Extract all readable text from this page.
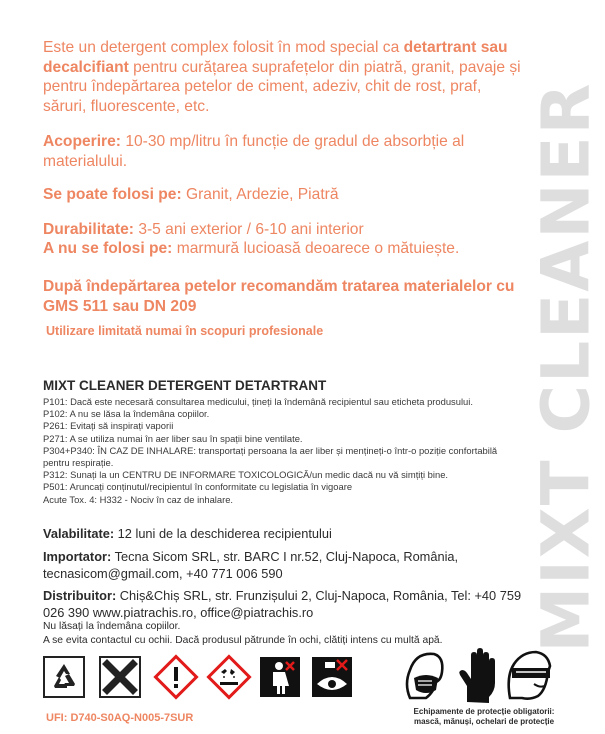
MIXT CLEANER

Este un detergent complex folosit în mod special ca detartrant sau decalcifiant pentru curățarea suprafețelor din piatră, granit, pavaje și pentru îndepărtarea petelor de ciment, adeziv, chit de rost, praf, săruri, fluorescente, etc.

Acoperire: 10-30 mp/litru în funcție de gradul de absorbție al materialului.

Se poate folosi pe: Granit, Ardezie, Piatră

Durabilitate: 3-5 ani exterior / 6-10 ani interior

A nu se folosi pe: marmură lucioasă deoarece o mătuiește.

După îndepărtarea petelor recomandăm tratarea materialelor cu GMS 511 sau DN 209

Utilizare limitată numai în scopuri profesionale

MIXT CLEANER DETERGENT DETARTRANT
P101: Dacă este necesară consultarea medicului, țineți la îndemână recipientul sau eticheta produsului.
P102: A nu se lăsa la îndemâna copiilor.
P261: Evitați să inspirați vaporii
P271: A se utiliza numai în aer liber sau în spații bine ventilate.
P304+P340: ÎN CAZ DE INHALARE: transportați persoana la aer liber și mențineți-o într-o poziție confortabilă pentru respirație.
P312: Sunați la un CENTRU DE INFORMARE TOXICOLOGICĂ/un medic dacă nu vă simțiți bine.
P501: Aruncați conținutul/recipientul în conformitate cu legislatia în vigoare
Acute Tox. 4: H332 - Nociv în caz de inhalare.

Valabilitate: 12 luni de la deschiderea recipientului

Importator: Tecna Sicom SRL, str. BARC I nr.52, Cluj-Napoca, România, tecnasicom@gmail.com, +40 771 006 590

Distribuitor: Chiș&Chiș SRL, str. Frunzișului 2, Cluj-Napoca, România, Tel: +40 759 026 390 www.piatrachis.ro, office@piatrachis.ro

Nu lăsați la îndemâna copiilor.
A se evita contactul cu ochii. Dacă produsul pătrunde în ochi, clătiți intens cu multă apă.
UFI: D740-S0AQ-N005-7SUR
Echipamente de protecție obligatorii: mască, mănuși, ochelari de protecție
